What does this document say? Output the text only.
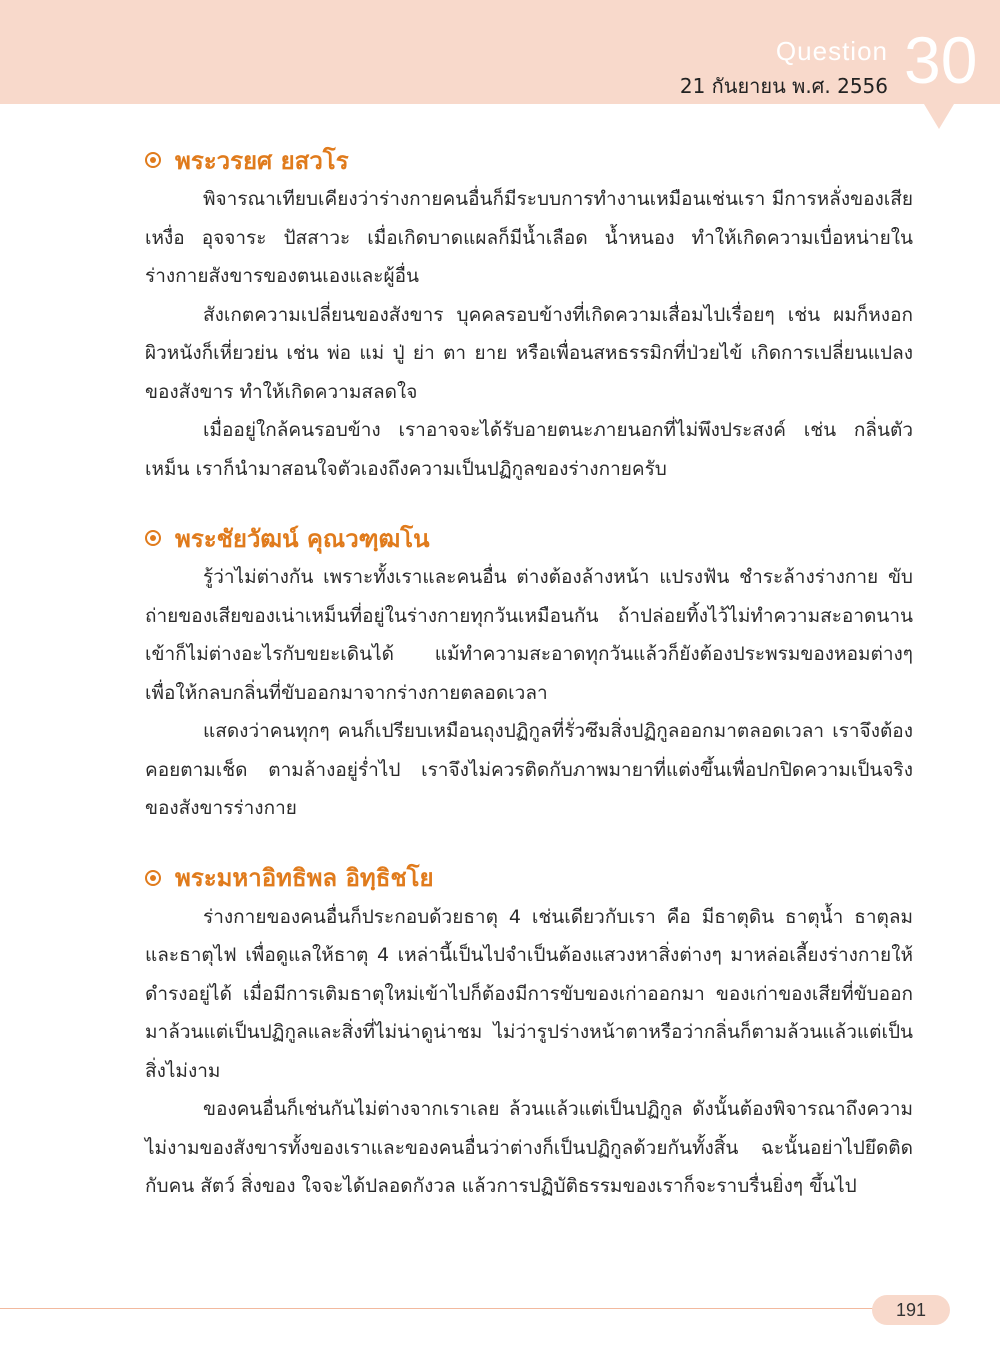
Question
21 กันยายน พ.ศ. 2556 30
พระวรยศ ยสวโร

พิจารณาเทียบเคียงว่าร่างกายคนอื่นก็มีระบบการทำงานเหมือนเช่นเรา มีการหลั่งของเสีย เหงื่อ อุจจาระ ปัสสาวะ เมื่อเกิดบาดแผลก็มีน้ำเลือด น้ำหนอง ทำให้เกิดความเบื่อหน่ายในร่างกายสังขารของตนเองและผู้อื่น

สังเกตความเปลี่ยนของสังขาร บุคคลรอบข้างที่เกิดความเสื่อมไปเรื่อยๆ เช่น ผมก็หงอก ผิวหนังก็เหี่ยวย่น เช่น พ่อ แม่ ปู่ ย่า ตา ยาย หรือเพื่อนสหธรรมิกที่ป่วยไข้ เกิดการเปลี่ยนแปลงของสังขาร ทำให้เกิดความสลดใจ

เมื่ออยู่ใกล้คนรอบข้าง เราอาจจะได้รับอายตนะภายนอกที่ไม่พึงประสงค์ เช่น กลิ่นตัวเหม็น เราก็นำมาสอนใจตัวเองถึงความเป็นปฏิกูลของร่างกายครับ

พระชัยวัฒน์ คุณวฑฺฒโน

รู้ว่าไม่ต่างกัน เพราะทั้งเราและคนอื่น ต่างต้องล้างหน้า แปรงฟัน ชำระล้างร่างกาย ขับถ่ายของเสียของเน่าเหม็นที่อยู่ในร่างกายทุกวันเหมือนกัน ถ้าปล่อยทิ้งไว้ไม่ทำความสะอาดนานเข้าก็ไม่ต่างอะไรกับขยะเดินได้ แม้ทำความสะอาดทุกวันแล้วก็ยังต้องประพรมของหอมต่างๆ เพื่อให้กลบกลิ่นที่ขับออกมาจากร่างกายตลอดเวลา

แสดงว่าคนทุกๆ คนก็เปรียบเหมือนถุงปฏิกูลที่รั่วซึมสิ่งปฏิกูลออกมาตลอดเวลา เราจึงต้องคอยตามเช็ด ตามล้างอยู่ร่ำไป เราจึงไม่ควรติดกับภาพมายาที่แต่งขึ้นเพื่อปกปิดความเป็นจริงของสังขารร่างกาย

พระมหาอิทธิพล อิทฺธิชโย

ร่างกายของคนอื่นก็ประกอบด้วยธาตุ 4 เช่นเดียวกับเรา คือ มีธาตุดิน ธาตุน้ำ ธาตุลมและธาตุไฟ เพื่อดูแลให้ธาตุ 4 เหล่านี้เป็นไปจำเป็นต้องแสวงหาสิ่งต่างๆ มาหล่อเลี้ยงร่างกายให้ดำรงอยู่ได้ เมื่อมีการเติมธาตุใหม่เข้าไปก็ต้องมีการขับของเก่าออกมา ของเก่าของเสียที่ขับออกมาล้วนแต่เป็นปฏิกูลและสิ่งที่ไม่น่าดูน่าชม ไม่ว่ารูปร่างหน้าตาหรือว่ากลิ่นก็ตามล้วนแล้วแต่เป็นสิ่งไม่งาม

ของคนอื่นก็เช่นกันไม่ต่างจากเราเลย ล้วนแล้วแต่เป็นปฏิกูล ดังนั้นต้องพิจารณาถึงความไม่งามของสังขารทั้งของเราและของคนอื่นว่าต่างก็เป็นปฏิกูลด้วยกันทั้งสิ้น ฉะนั้นอย่าไปยึดติดกับคน สัตว์ สิ่งของ ใจจะได้ปลอดกังวล แล้วการปฏิบัติธรรมของเราก็จะราบรื่นยิ่งๆ ขึ้นไป

191
